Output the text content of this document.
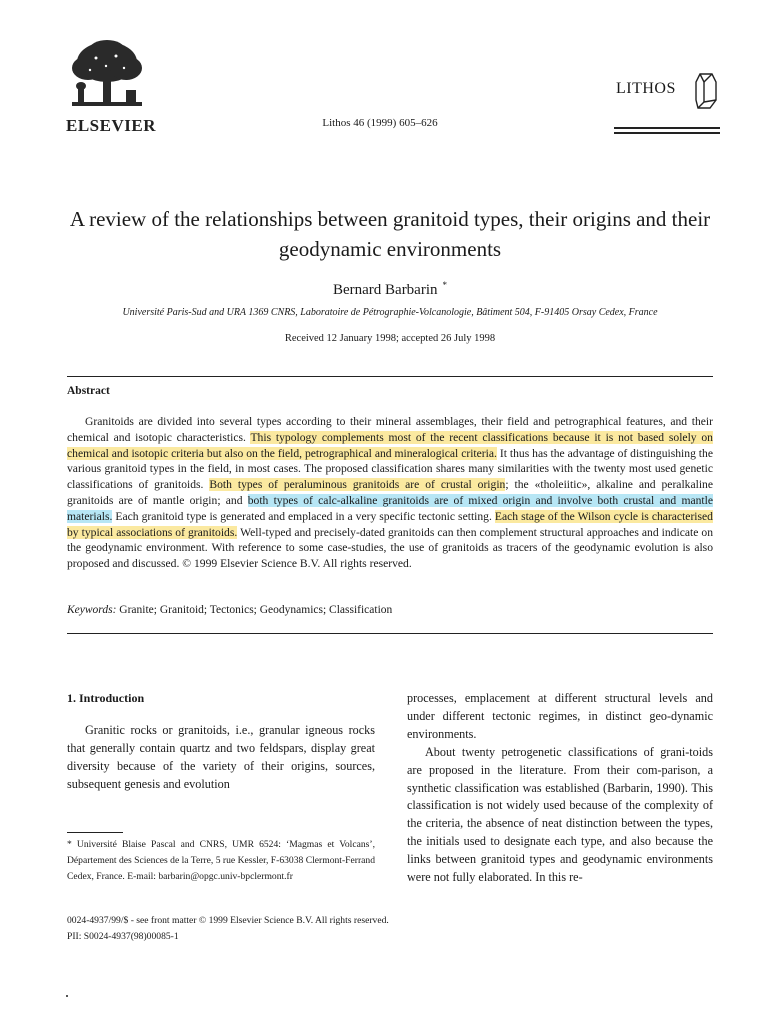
ELSEVIER	Lithos 46 (1999) 605–626
LITHOS
A review of the relationships between granitoid types, their origins and their geodynamic environments
Bernard Barbarin *
Université Paris-Sud and URA 1369 CNRS, Laboratoire de Pétrographie-Volcanologie, Bâtiment 504, F-91405 Orsay Cedex, France
Received 12 January 1998; accepted 26 July 1998
Abstract
Granitoids are divided into several types according to their mineral assemblages, their field and petrographical features, and their chemical and isotopic characteristics. This typology complements most of the recent classifications because it is not based solely on chemical and isotopic criteria but also on the field, petrographical and mineralogical criteria. It thus has the advantage of distinguishing the various granitoid types in the field, in most cases. The proposed classification shares many similarities with the twenty most used genetic classifications of granitoids. Both types of peraluminous granitoids are of crustal origin; the «tholeiitic», alkaline and peralkaline granitoids are of mantle origin; and both types of calc-alkaline granitoids are of mixed origin and involve both crustal and mantle materials. Each granitoid type is generated and emplaced in a very specific tectonic setting. Each stage of the Wilson cycle is characterised by typical associations of granitoids. Well-typed and precisely-dated granitoids can then complement structural approaches and indicate on the geodynamic environment. With reference to some case-studies, the use of granitoids as tracers of the geodynamic evolution is also proposed and discussed. © 1999 Elsevier Science B.V. All rights reserved.
Keywords: Granite; Granitoid; Tectonics; Geodynamics; Classification
1. Introduction
Granitic rocks or granitoids, i.e., granular igneous rocks that generally contain quartz and two feldspars, display great diversity because of the variety of their origins, sources, subsequent genesis and evolution

processes, emplacement at different structural levels and under different tectonic regimes, in distinct geo-dynamic environments.

About twenty petrogenetic classifications of grani-toids are proposed in the literature. From their com-parison, a synthetic classification was established (Barbarin, 1990). This classification is not widely used because of the complexity of the criteria, the absence of neat distinction between the types, the initials used to designate each type, and also because the links between granitoid types and geodynamic environments were not fully elaborated. In this re-

* Université Blaise Pascal and CNRS, UMR 6524: ‘Magmas et Volcans’, Département des Sciences de la Terre, 5 rue Kessler, F-63038 Clermont-Ferrand Cedex, France. E-mail: barbarin@opgc.univ-bpclermont.fr
0024-4937/99/$ - see front matter © 1999 Elsevier Science B.V. All rights reserved.
PII: S0024-4937(98)00085-1
